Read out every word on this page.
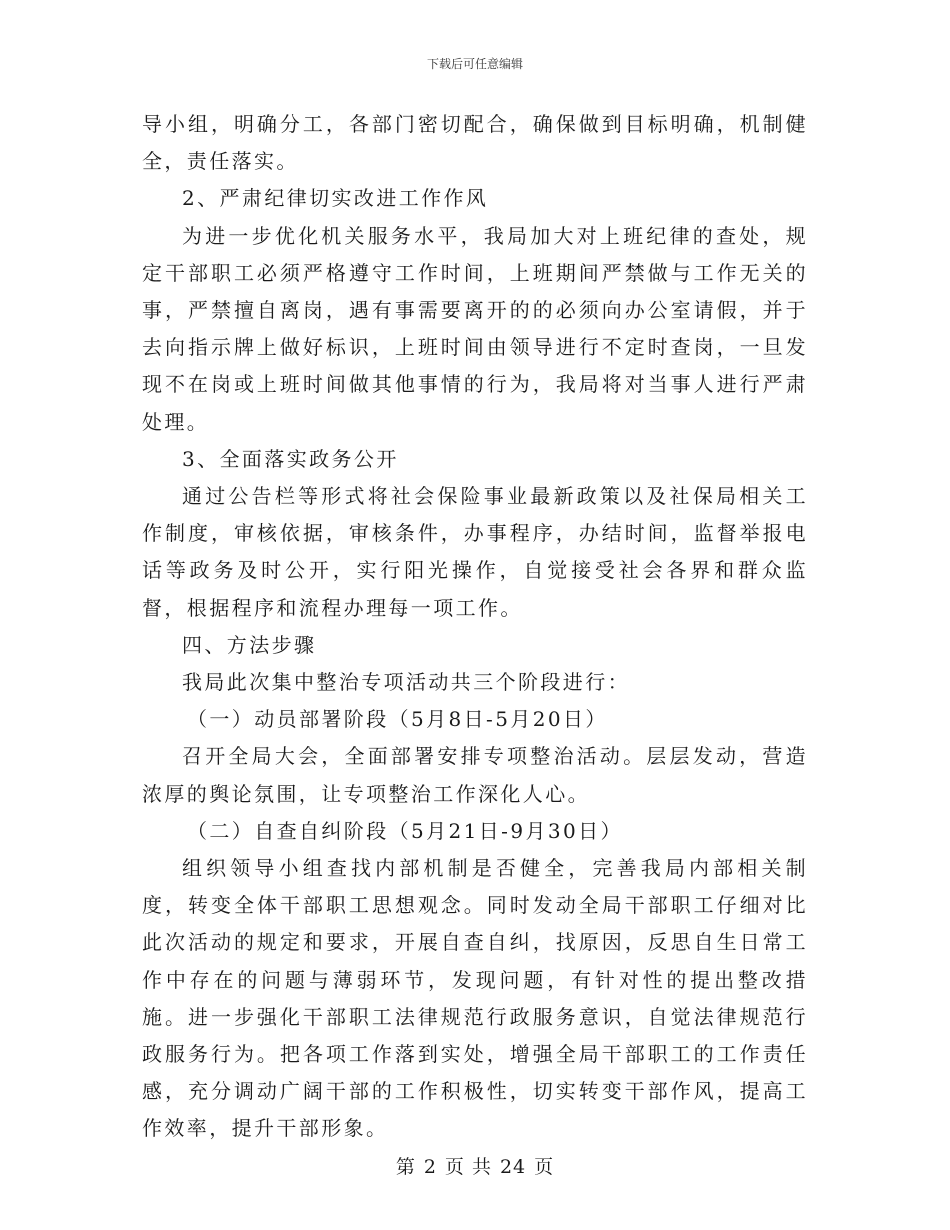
下载后可任意编辑

导小组，明确分工，各部门密切配合，确保做到目标明确，机制健全，责任落实。

2、严肃纪律切实改进工作作风

为进一步优化机关服务水平，我局加大对上班纪律的查处，规定干部职工必须严格遵守工作时间，上班期间严禁做与工作无关的事，严禁擅自离岗，遇有事需要离开的的必须向办公室请假，并于去向指示牌上做好标识，上班时间由领导进行不定时查岗，一旦发现不在岗或上班时间做其他事情的行为，我局将对当事人进行严肃处理。

3、全面落实政务公开

通过公告栏等形式将社会保险事业最新政策以及社保局相关工作制度，审核依据，审核条件，办事程序，办结时间，监督举报电话等政务及时公开，实行阳光操作，自觉接受社会各界和群众监督，根据程序和流程办理每一项工作。

四、方法步骤

我局此次集中整治专项活动共三个阶段进行：

（一）动员部署阶段（5月8日-5月20日）

召开全局大会，全面部署安排专项整治活动。层层发动，营造浓厚的舆论氛围，让专项整治工作深化人心。

（二）自查自纠阶段（5月21日-9月30日）

组织领导小组查找内部机制是否健全，完善我局内部相关制度，转变全体干部职工思想观念。同时发动全局干部职工仔细对比此次活动的规定和要求，开展自查自纠，找原因，反思自生日常工作中存在的问题与薄弱环节，发现问题，有针对性的提出整改措施。进一步强化干部职工法律规范行政服务意识，自觉法律规范行政服务行为。把各项工作落到实处，增强全局干部职工的工作责任感，充分调动广阔干部的工作积极性，切实转变干部作风，提高工作效率，提升干部形象。

第 2 页 共 24 页
